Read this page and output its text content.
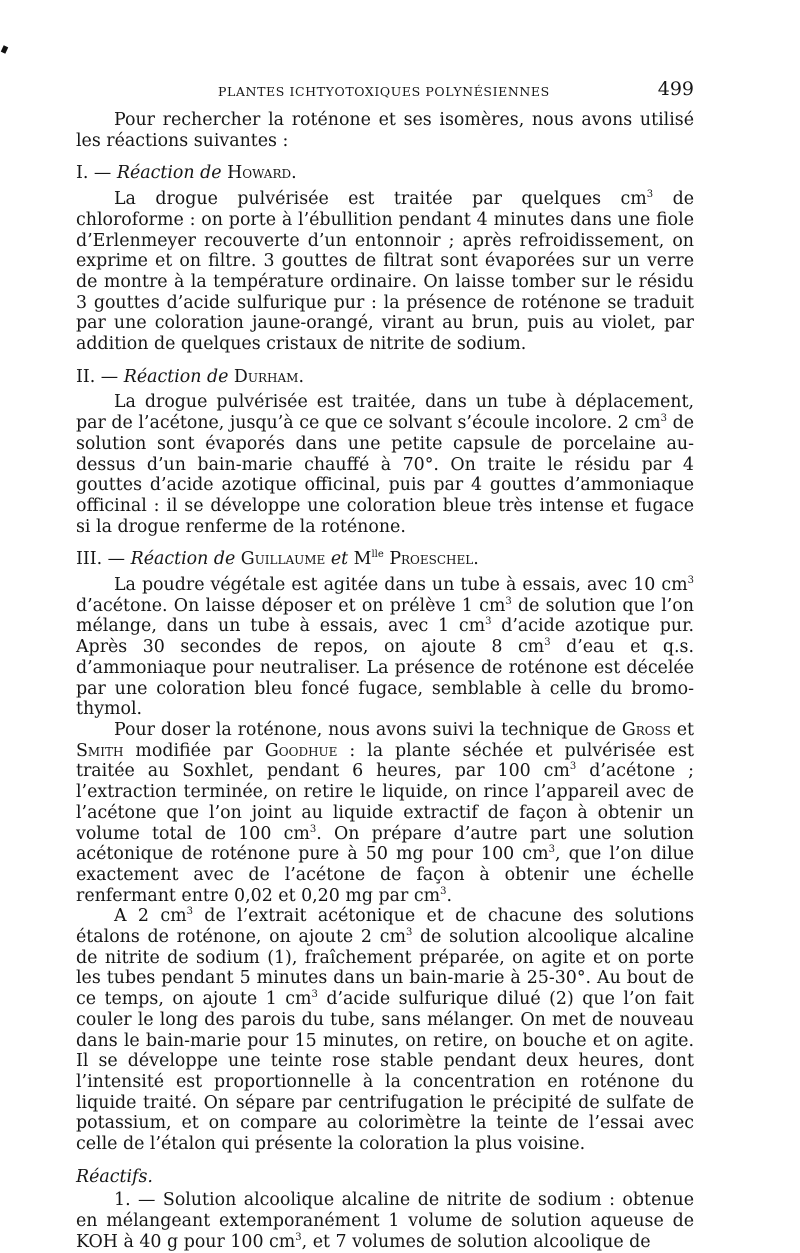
PLANTES ICHTYOTOXIQUES POLYNÉSIENNES	499

Pour rechercher la roténone et ses isomères, nous avons utilisé les réactions suivantes :

I. — Réaction de Howard.

La drogue pulvérisée est traitée par quelques $cm^3$ de chloroforme : on porte à l’ébullition pendant 4 minutes dans une fiole d’Erlenmeyer recouverte d’un entonnoir ; après refroidissement, on exprime et on filtre. 3 gouttes de filtrat sont évaporées sur un verre de montre à la température ordinaire. On laisse tomber sur le résidu 3 gouttes d’acide sulfurique pur : la présence de roténone se traduit par une coloration jaune-orangé, virant au brun, puis au violet, par addition de quelques cristaux de nitrite de sodium.

II. — Réaction de Durham.

La drogue pulvérisée est traitée, dans un tube à déplacement, par de l’acétone, jusqu’à ce que ce solvant s’écoule incolore. 2 $cm^3$ de solution sont évaporés dans une petite capsule de porcelaine au-dessus d’un bain-marie chauffé à 70°. On traite le résidu par 4 gouttes d’acide azotique officinal, puis par 4 gouttes d’ammoniaque officinal : il se développe une coloration bleue très intense et fugace si la drogue renferme de la roténone.

III. — Réaction de Guillaume et $M^{lle}$ Proeschel.

La poudre végétale est agitée dans un tube à essais, avec 10 $cm^3$ d’acétone. On laisse déposer et on prélève 1 $cm^3$ de solution que l’on mélange, dans un tube à essais, avec 1 $cm^3$ d’acide azotique pur. Après 30 secondes de repos, on ajoute 8 $cm^3$ d’eau et q.s. d’ammoniaque pour neutraliser. La présence de roténone est décelée par une coloration bleu foncé fugace, semblable à celle du bromo-thymol.

Pour doser la roténone, nous avons suivi la technique de Gross et Smith modifiée par Goodhue : la plante séchée et pulvérisée est traitée au Soxhlet, pendant 6 heures, par 100 $cm^3$ d’acétone ; l’extraction terminée, on retire le liquide, on rince l’appareil avec de l’acétone que l’on joint au liquide extractif de façon à obtenir un volume total de 100 $cm^3$. On prépare d’autre part une solution acétonique de roténone pure à 50 mg pour 100 $cm^3$, que l’on dilue exactement avec de l’acétone de façon à obtenir une échelle renfermant entre 0,02 et 0,20 mg par $cm^3$.

A 2 $cm^3$ de l’extrait acétonique et de chacune des solutions étalons de roténone, on ajoute 2 $cm^3$ de solution alcoolique alcaline de nitrite de sodium (1), fraîchement préparée, on agite et on porte les tubes pendant 5 minutes dans un bain-marie à 25-30°. Au bout de ce temps, on ajoute 1 $cm^3$ d’acide sulfurique dilué (2) que l’on fait couler le long des parois du tube, sans mélanger. On met de nouveau dans le bain-marie pour 15 minutes, on retire, on bouche et on agite. Il se développe une teinte rose stable pendant deux heures, dont l’intensité est proportionnelle à la concentration en roténone du liquide traité. On sépare par centrifugation le précipité de sulfate de potassium, et on compare au colorimètre la teinte de l’essai avec celle de l’étalon qui présente la coloration la plus voisine.

Réactifs.

1. — Solution alcoolique alcaline de nitrite de sodium : obtenue en mélangeant extemporanément 1 volume de solution aqueuse de KOH à 40 g pour 100 $cm^3$, et 7 volumes de solution alcoolique de
